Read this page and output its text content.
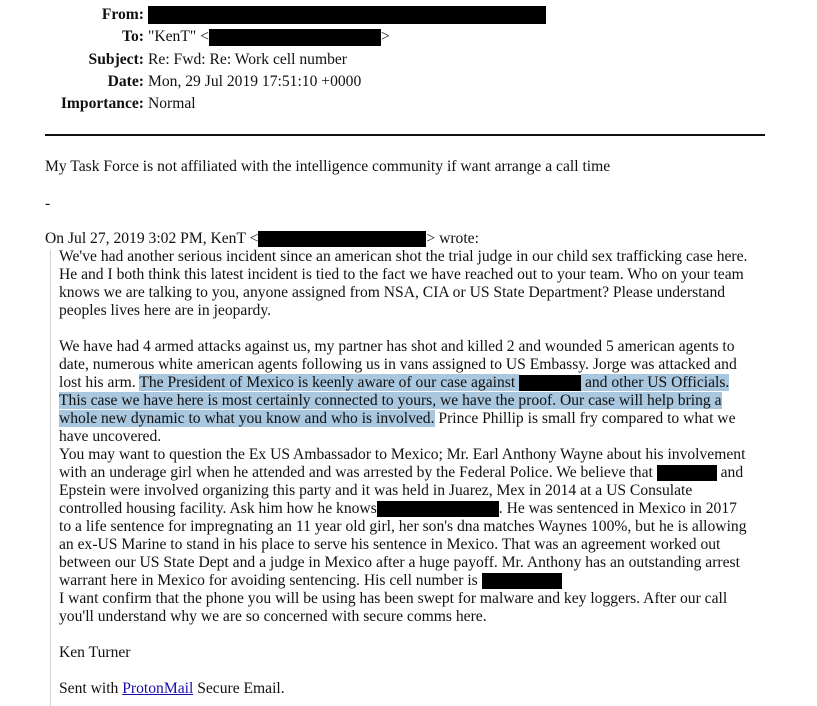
From:
To: "KenT" <	>
Subject: Re: Fwd: Re: Work cell number
Date: Mon, 29 Jul 2019 17:51:10 +0000
Importance: Normal
My Task Force is not affiliated with the intelligence community if want arrange a call time
-
On Jul 27, 2019 3:02 PM, KenT <	> wrote:
We've had another serious incident since an american shot the trial judge in our child sex trafficking case here.
He and I both think this latest incident is tied to the fact we have reached out to your team. Who on your team
knows we are talking to you, anyone assigned from NSA, CIA or US State Department? Please understand
peoples lives here are in jeopardy.
We have had 4 armed attacks against us, my partner has shot and killed 2 and wounded 5 american agents to
date, numerous white american agents following us in vans assigned to US Embassy. Jorge was attacked and
lost his arm. The President of Mexico is keenly aware of our case against	and other US Officials.
This case we have here is most certainly connected to yours, we have the proof. Our case will help bring a
whole new dynamic to what you know and who is involved. Prince Phillip is small fry compared to what we
have uncovered.
You may want to question the Ex US Ambassador to Mexico; Mr. Earl Anthony Wayne about his involvement
with an underage girl when he attended and was arrested by the Federal Police. We believe that	and
Epstein were involved organizing this party and it was held in Juarez, Mex in 2014 at a US Consulate
controlled housing facility. Ask him how he knows	. He was sentenced in Mexico in 2017
to a life sentence for impregnating an 11 year old girl, her son's dna matches Waynes 100%, but he is allowing
an ex-US Marine to stand in his place to serve his sentence in Mexico. That was an agreement worked out
between our US State Dept and a judge in Mexico after a huge payoff. Mr. Anthony has an outstanding arrest
warrant here in Mexico for avoiding sentencing. His cell number is
I want confirm that the phone you will be using has been swept for malware and key loggers. After our call
you'll understand why we are so concerned with secure comms here.
Ken Turner
Sent with ProtonMail Secure Email.
